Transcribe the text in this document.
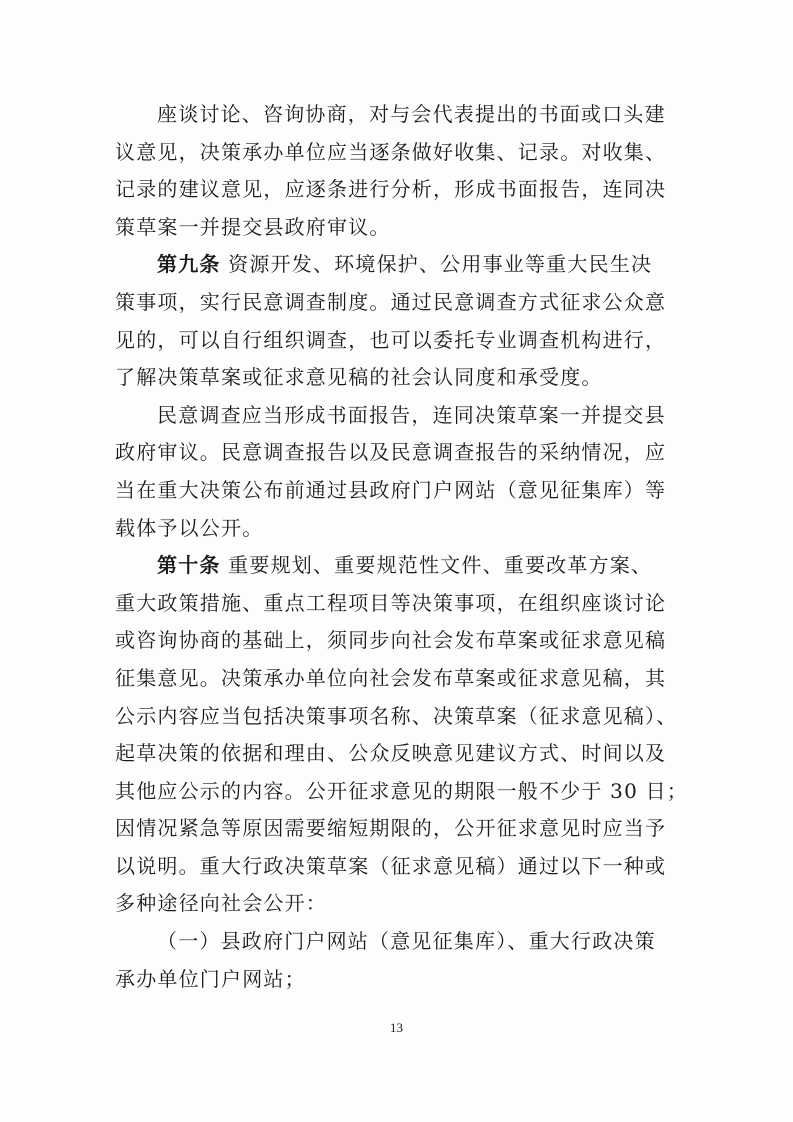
座谈讨论、咨询协商，对与会代表提出的书面或口头建
议意见，决策承办单位应当逐条做好收集、记录。对收集、
记录的建议意见，应逐条进行分析，形成书面报告，连同决
策草案一并提交县政府审议。
第九条 资源开发、环境保护、公用事业等重大民生决
策事项，实行民意调查制度。通过民意调查方式征求公众意
见的，可以自行组织调查，也可以委托专业调查机构进行，
了解决策草案或征求意见稿的社会认同度和承受度。
民意调查应当形成书面报告，连同决策草案一并提交县
政府审议。民意调查报告以及民意调查报告的采纳情况，应
当在重大决策公布前通过县政府门户网站（意见征集库）等
载体予以公开。
第十条 重要规划、重要规范性文件、重要改革方案、
重大政策措施、重点工程项目等决策事项，在组织座谈讨论
或咨询协商的基础上，须同步向社会发布草案或征求意见稿
征集意见。决策承办单位向社会发布草案或征求意见稿，其
公示内容应当包括决策事项名称、决策草案（征求意见稿）、
起草决策的依据和理由、公众反映意见建议方式、时间以及
其他应公示的内容。公开征求意见的期限一般不少于 30 日；
因情况紧急等原因需要缩短期限的，公开征求意见时应当予
以说明。重大行政决策草案（征求意见稿）通过以下一种或
多种途径向社会公开：
（一）县政府门户网站（意见征集库）、重大行政决策
承办单位门户网站；
13
